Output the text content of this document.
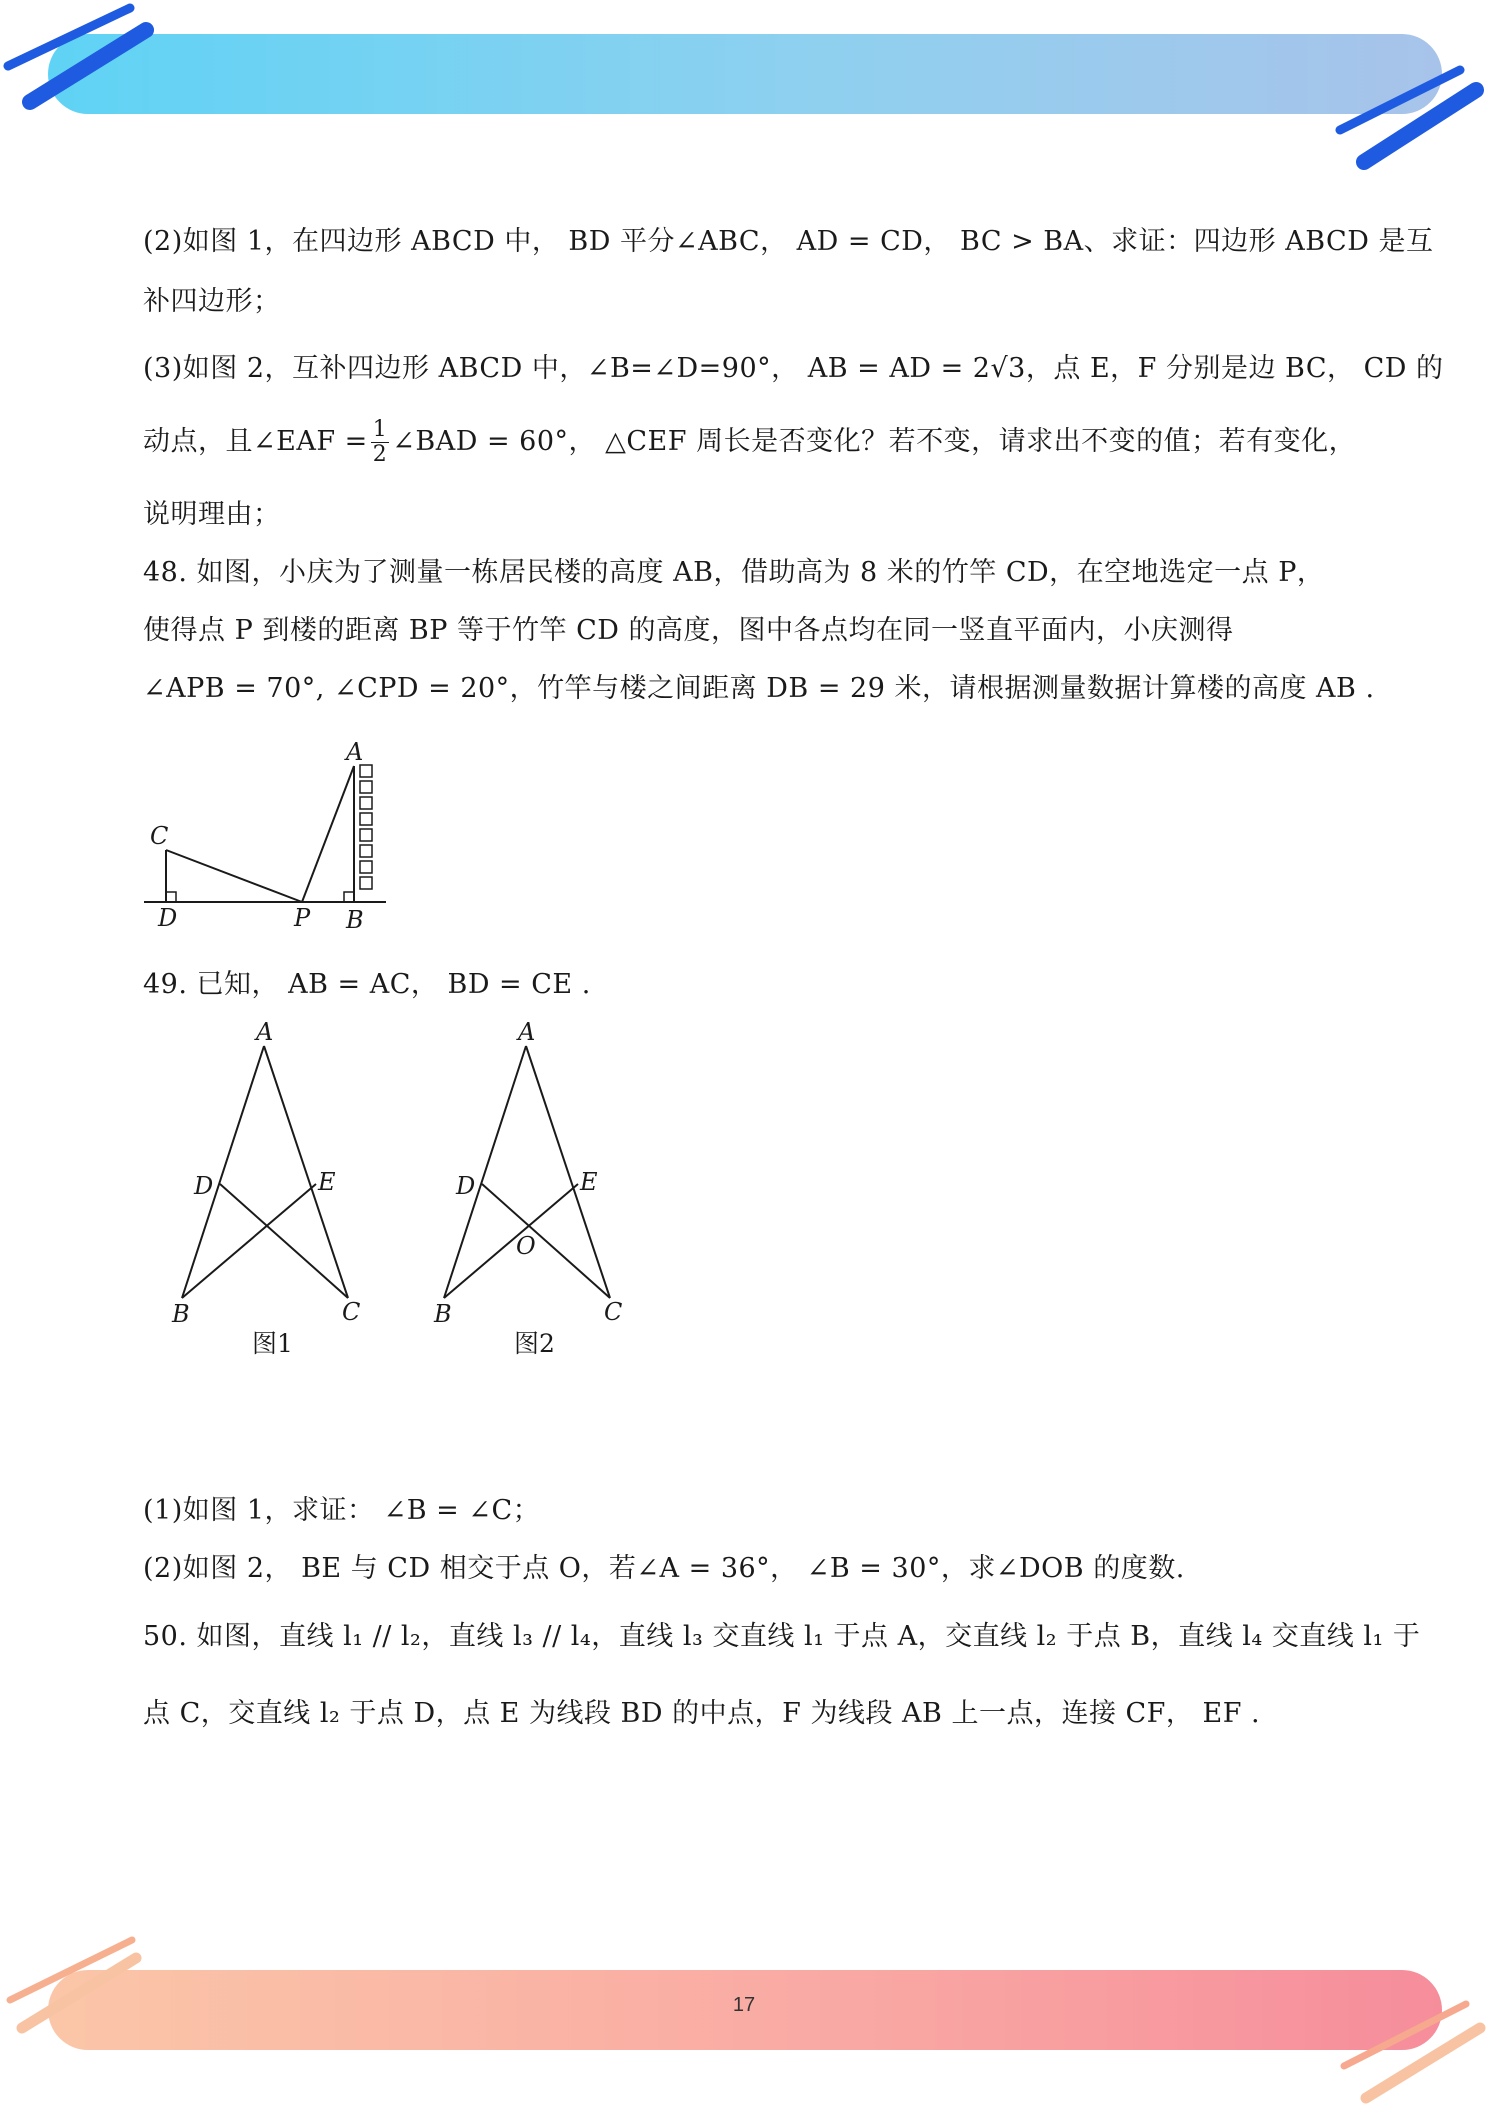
17
(2)如图 1，在四边形 ABCD 中， BD 平分∠ABC， AD = CD， BC > BA、求证：四边形 ABCD 是互
补四边形；
(3)如图 2，互补四边形 ABCD 中，∠B=∠D=90°， AB = AD = 2√3，点 E，F 分别是边 BC， CD 的
动点，且∠EAF = $\frac{1}{2}$ ∠BAD = 60°， △CEF 周长是否变化？若不变，请求出不变的值；若有变化，
说明理由；
48. 如图，小庆为了测量一栋居民楼的高度 AB，借助高为 8 米的竹竿 CD，在空地选定一点 P，
使得点 P 到楼的距离 BP 等于竹竿 CD 的高度，图中各点均在同一竖直平面内，小庆测得
∠APB = 70°, ∠CPD = 20°，竹竿与楼之间距离 DB = 29 米，请根据测量数据计算楼的高度 AB .
A
C
D	P B
49. 已知， AB = AC， BD = CE .
A
D	E
B	C
图1
A
D	E
O
B	C
图2
(1)如图 1，求证： ∠B = ∠C；
(2)如图 2， BE 与 CD 相交于点 O，若∠A = 36°， ∠B = 30°，求∠DOB 的度数.
50. 如图，直线 l₁ // l₂，直线 l₃ // l₄，直线 l₃ 交直线 l₁ 于点 A，交直线 l₂ 于点 B，直线 l₄ 交直线 l₁ 于
点 C，交直线 l₂ 于点 D，点 E 为线段 BD 的中点，F 为线段 AB 上一点，连接 CF， EF .
